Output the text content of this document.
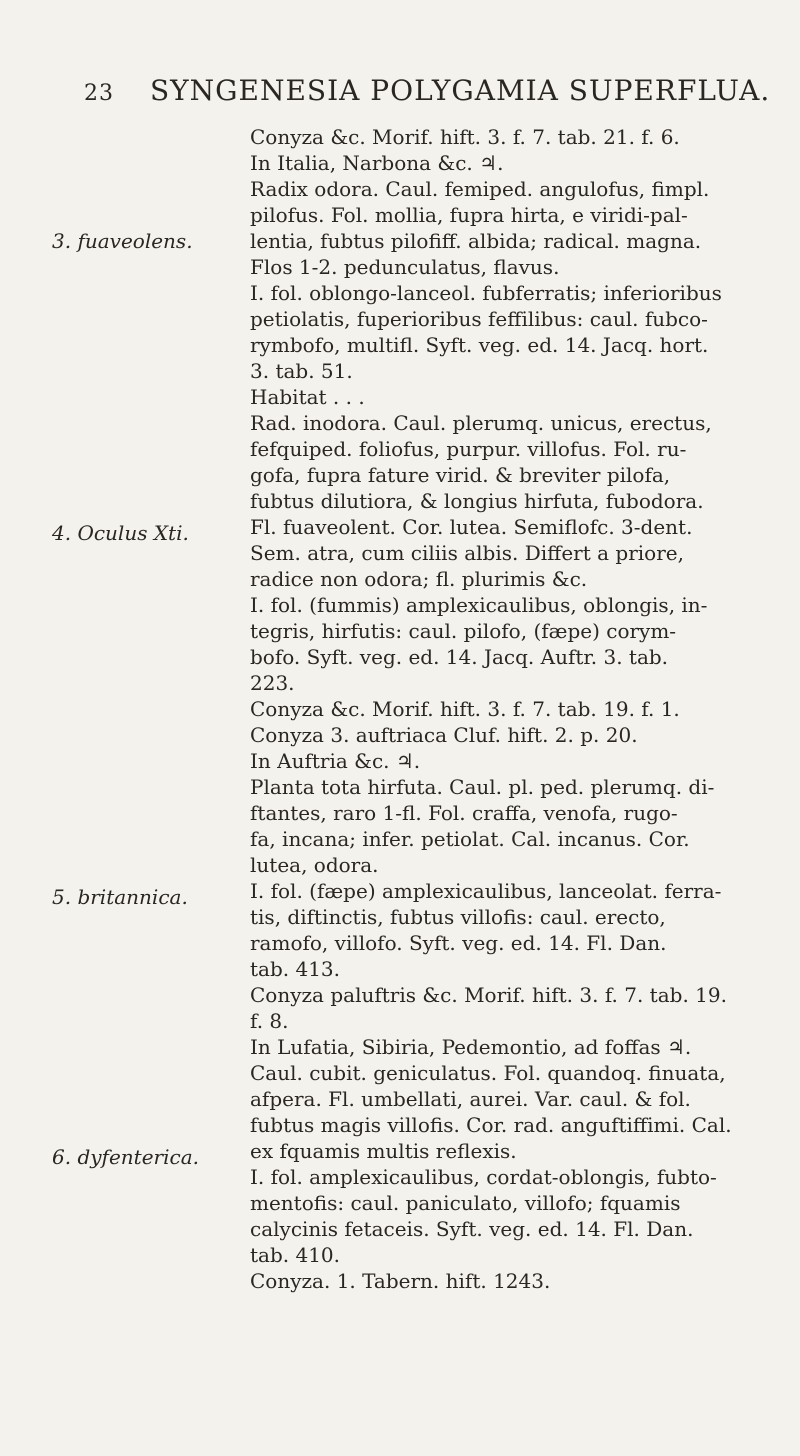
23 SYNGENESIA POLYGAMIA SUPERFLUA.
3. fuaveolens.
4. Oculus Xti.
5. britannica.
6. dyfenterica.
Conyza &c. Morif. hift. 3. f. 7. tab. 21. f. 6.
In Italia, Narbona &c. ♃.
Radix odora. Caul. femiped. angulofus, fimpl.
pilofus. Fol. mollia, fupra hirta, e viridi-pal-
lentia, fubtus pilofiff. albida; radical. magna.
Flos 1-2. pedunculatus, flavus.
I. fol. oblongo-lanceol. fubferratis; inferioribus
petiolatis, fuperioribus feffilibus: caul. fubco-
rymbofo, multifl. Syft. veg. ed. 14. Jacq. hort.
3. tab. 51.
Habitat . . .
Rad. inodora. Caul. plerumq. unicus, erectus,
fefquiped. foliofus, purpur. villofus. Fol. ru-
gofa, fupra fature virid. & breviter pilofa,
fubtus dilutiora, & longius hirfuta, fubodora.
Fl. fuaveolent. Cor. lutea. Semiflofc. 3-dent.
Sem. atra, cum ciliis albis. Differt a priore,
radice non odora; fl. plurimis &c.
I. fol. (fummis) amplexicaulibus, oblongis, in-
tegris, hirfutis: caul. pilofo, (fæpe) corym-
bofo. Syft. veg. ed. 14. Jacq. Auftr. 3. tab.
223.
Conyza &c. Morif. hift. 3. f. 7. tab. 19. f. 1.
Conyza 3. auftriaca Cluf. hift. 2. p. 20.
In Auftria &c. ♃.
Planta tota hirfuta. Caul. pl. ped. plerumq. di-
ftantes, raro 1-fl. Fol. craffa, venofa, rugo-
fa, incana; infer. petiolat. Cal. incanus. Cor.
lutea, odora.
I. fol. (fæpe) amplexicaulibus, lanceolat. ferra-
tis, diftinctis, fubtus villofis: caul. erecto,
ramofo, villofo. Syft. veg. ed. 14. Fl. Dan.
tab. 413.
Conyza paluftris &c. Morif. hift. 3. f. 7. tab. 19.
f. 8.
In Lufatia, Sibiria, Pedemontio, ad foffas ♃.
Caul. cubit. geniculatus. Fol. quandoq. finuata,
afpera. Fl. umbellati, aurei. Var. caul. & fol.
fubtus magis villofis. Cor. rad. anguftiffimi. Cal.
ex fquamis multis reflexis.
I. fol. amplexicaulibus, cordat-oblongis, fubto-
mentofis: caul. paniculato, villofo; fquamis
calycinis fetaceis. Syft. veg. ed. 14. Fl. Dan.
tab. 410.
Conyza. 1. Tabern. hift. 1243.
